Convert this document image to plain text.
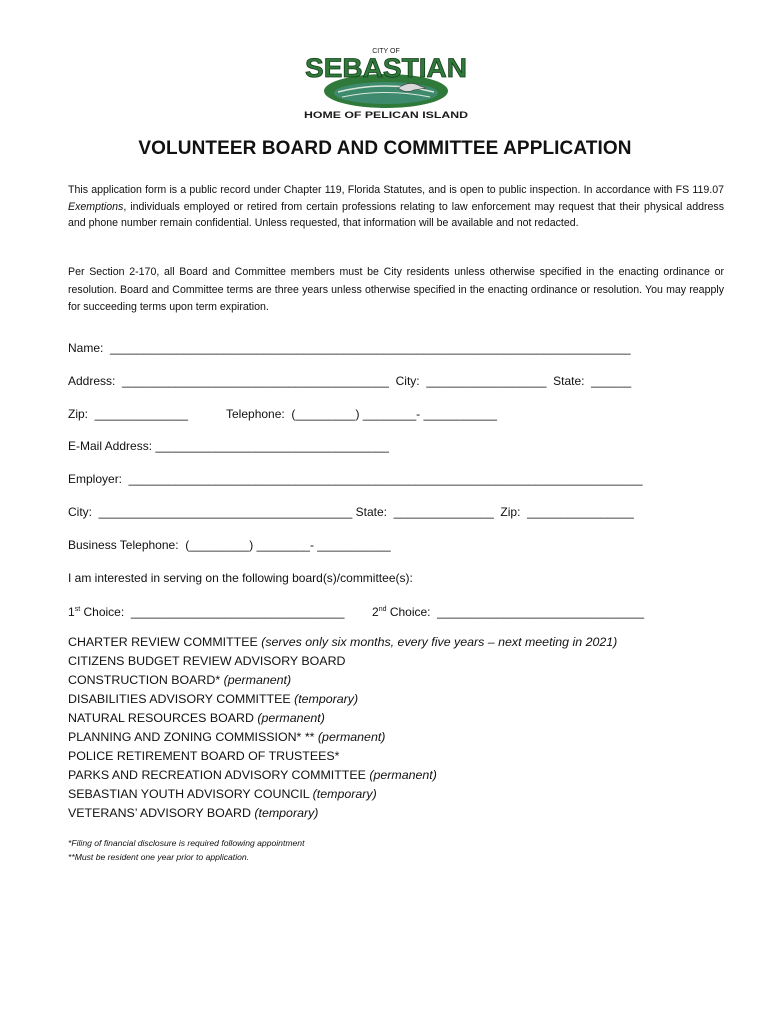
CITY OF
SEBASTIAN
HOME OF PELICAN ISLAND
VOLUNTEER BOARD AND COMMITTEE APPLICATION

This application form is a public record under Chapter 119, Florida Statutes, and is open to public inspection. In accordance with FS 119.07 Exemptions, individuals employed or retired from certain professions relating to law enforcement may request that their physical address and phone number remain confidential. Unless requested, that information will be available and not redacted.

Per Section 2-170, all Board and Committee members must be City residents unless otherwise specified in the enacting ordinance or resolution. Board and Committee terms are three years unless otherwise specified in the enacting ordinance or resolution. You may reapply for succeeding terms upon term expiration.

Name:  ______________________________________________________________________________
Address:  ________________________________________  City:  __________________  State:  ______
Zip:  ______________	Telephone:  (_________) ________- ___________
E-Mail Address: ___________________________________
Employer:  _____________________________________________________________________________
City:  ______________________________________ State:  _______________  Zip:  ________________
Business Telephone:  (_________) ________- ___________
I am interested in serving on the following board(s)/committee(s):
1st Choice:  ________________________________ 2nd Choice:  _______________________________
CHARTER REVIEW COMMITTEE (serves only six months, every five years – next meeting in 2021)
CITIZENS BUDGET REVIEW ADVISORY BOARD
CONSTRUCTION BOARD* (permanent)
DISABILITIES ADVISORY COMMITTEE (temporary)
NATURAL RESOURCES BOARD (permanent)
PLANNING AND ZONING COMMISSION* ** (permanent)
POLICE RETIREMENT BOARD OF TRUSTEES*
PARKS AND RECREATION ADVISORY COMMITTEE (permanent)
SEBASTIAN YOUTH ADVISORY COUNCIL (temporary)
VETERANS’ ADVISORY BOARD (temporary)
*Filing of financial disclosure is required following appointment
**Must be resident one year prior to application.
